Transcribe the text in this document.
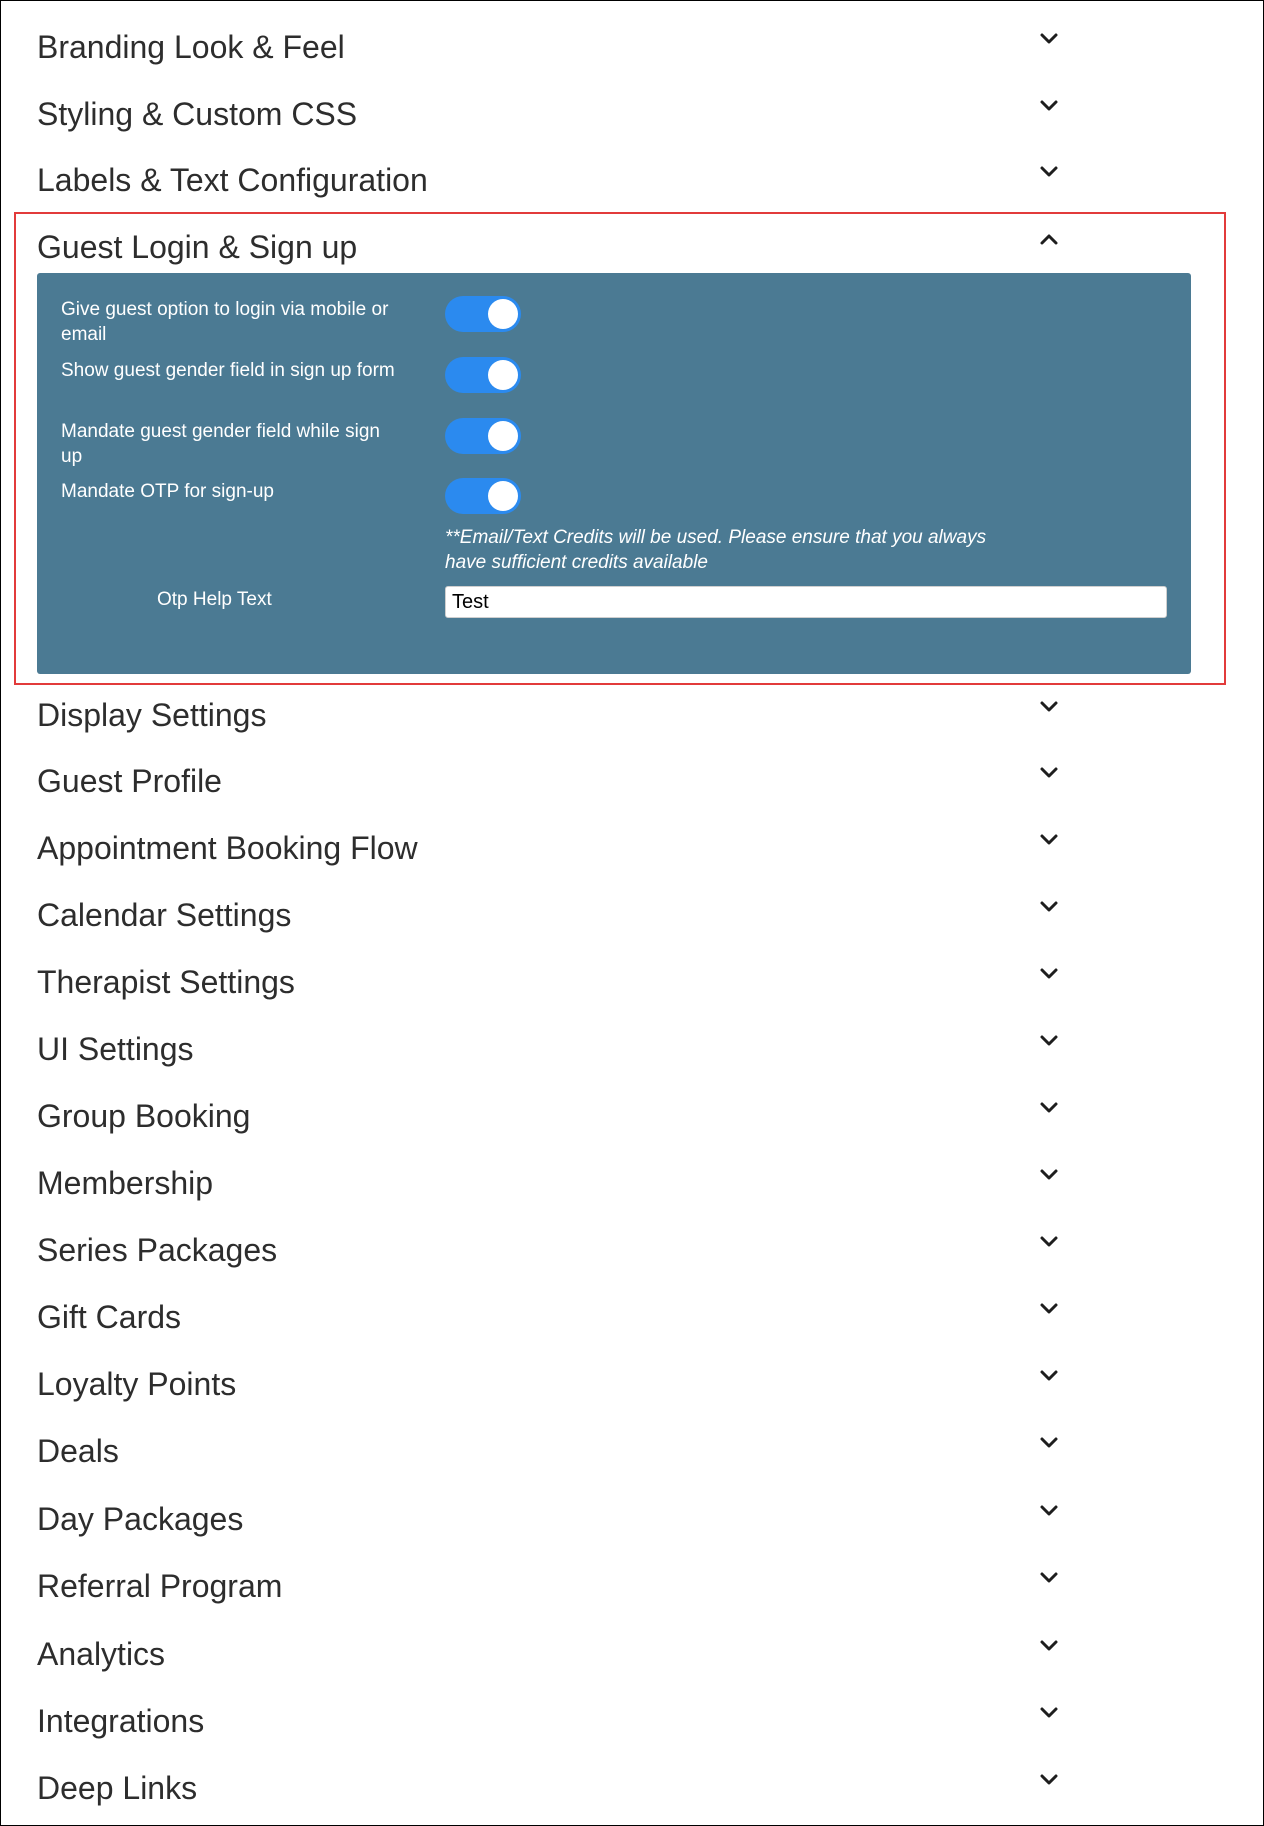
Branding Look & Feel
Styling & Custom CSS
Labels & Text Configuration
Guest Login & Sign up
Give guest option to login via mobile or email
Show guest gender field in sign up form
Mandate guest gender field while sign up
Mandate OTP for sign-up
**Email/Text Credits will be used. Please ensure that you always have sufficient credits available
Otp Help Text
Test
Display Settings
Guest Profile
Appointment Booking Flow
Calendar Settings
Therapist Settings
UI Settings
Group Booking
Membership
Series Packages
Gift Cards
Loyalty Points
Deals
Day Packages
Referral Program
Analytics
Integrations
Deep Links
